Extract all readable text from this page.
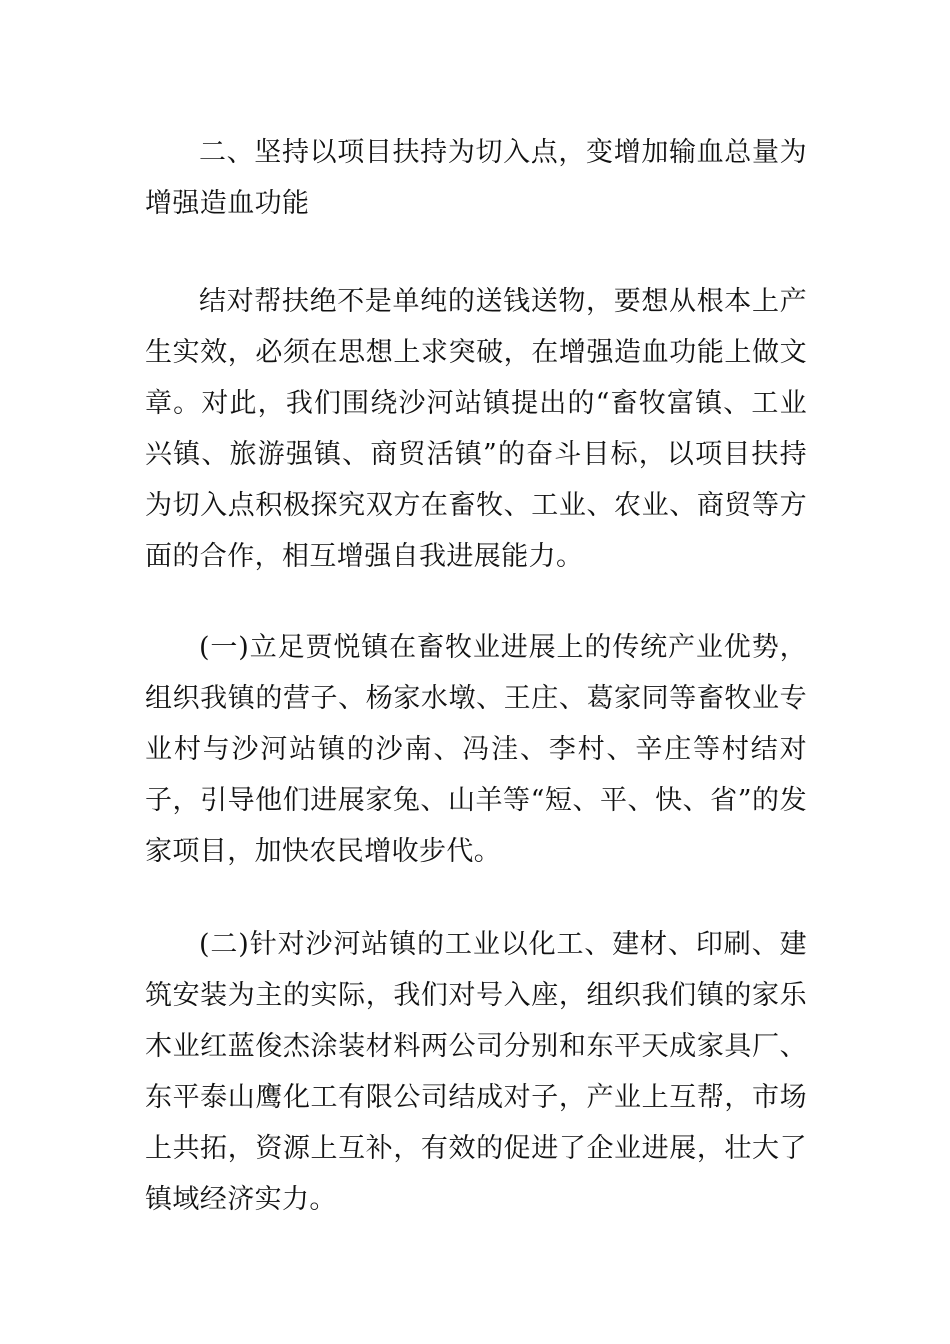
二、坚持以项目扶持为切入点，变增加输血总量为增强造血功能

结对帮扶绝不是单纯的送钱送物，要想从根本上产生实效，必须在思想上求突破，在增强造血功能上做文章。对此，我们围绕沙河站镇提出的“畜牧富镇、工业兴镇、旅游强镇、商贸活镇”的奋斗目标，以项目扶持为切入点积极探究双方在畜牧、工业、农业、商贸等方面的合作，相互增强自我进展能力。

(一)立足贾悦镇在畜牧业进展上的传统产业优势，组织我镇的营子、杨家水墩、王庄、葛家同等畜牧业专业村与沙河站镇的沙南、冯洼、李村、辛庄等村结对子，引导他们进展家兔、山羊等“短、平、快、省”的发家项目，加快农民增收步代。

(二)针对沙河站镇的工业以化工、建材、印刷、建筑安装为主的实际，我们对号入座，组织我们镇的家乐木业红蓝俊杰涂装材料两公司分别和东平天成家具厂、东平泰山鹰化工有限公司结成对子，产业上互帮，市场上共拓，资源上互补，有效的促进了企业进展，壮大了镇域经济实力。
